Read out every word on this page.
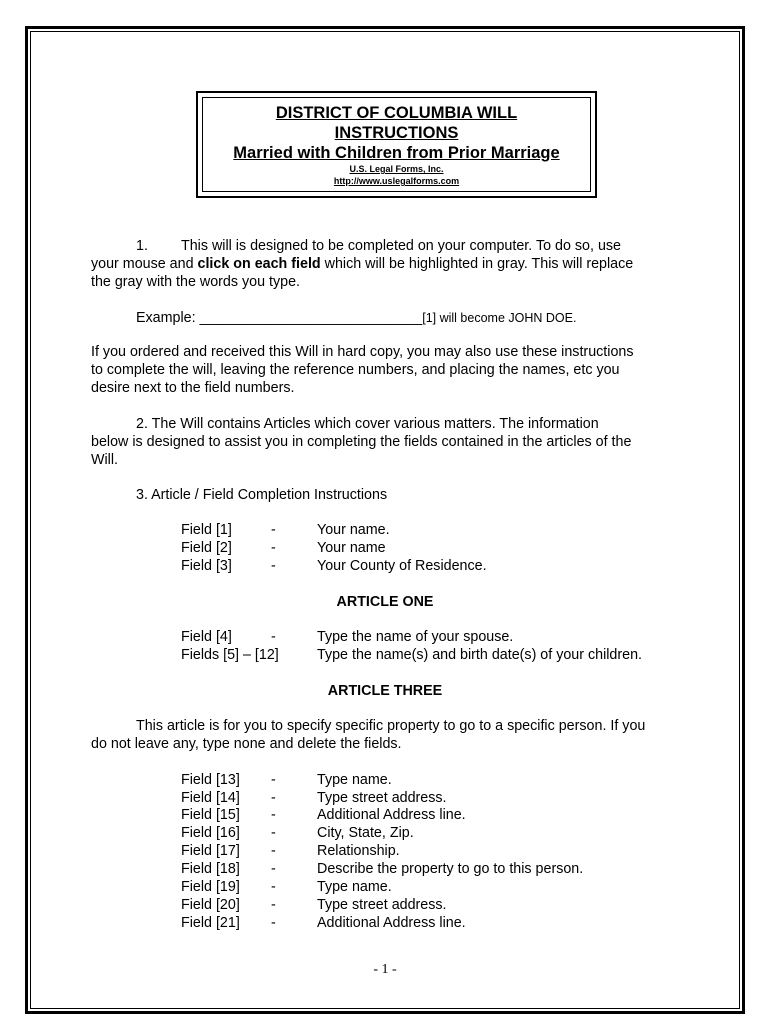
DISTRICT OF COLUMBIA WILL
INSTRUCTIONS
Married with Children from Prior Marriage
U.S. Legal Forms, Inc.
http://www.uslegalforms.com
1. This will is designed to be completed on your computer. To do so, use
your mouse and click on each field which will be highlighted in gray. This will replace
the gray with the words you type.
Example: ____________________________[1] will become JOHN DOE.
If you ordered and received this Will in hard copy, you may also use these instructions
to complete the will, leaving the reference numbers, and placing the names, etc you
desire next to the field numbers.
2. The Will contains Articles which cover various matters. The information
below is designed to assist you in completing the fields contained in the articles of the
Will.
3. Article / Field Completion Instructions
Field [1]	-	Your name.
Field [2]	-	Your name
Field [3]	-	Your County of Residence.
ARTICLE ONE
Field [4]	-	Type the name of your spouse.
Fields [5] – [12]	Type the name(s) and birth date(s) of your children.
ARTICLE THREE
This article is for you to specify specific property to go to a specific person. If you
do not leave any, type none and delete the fields.
Field [13] -	Type name.
Field [14] -	Type street address.
Field [15] -	Additional Address line.
Field [16] -	City, State, Zip.
Field [17] -	Relationship.
Field [18] -	Describe the property to go to this person.
Field [19] -	Type name.
Field [20] -	Type street address.
Field [21] -	Additional Address line.
- 1 -
